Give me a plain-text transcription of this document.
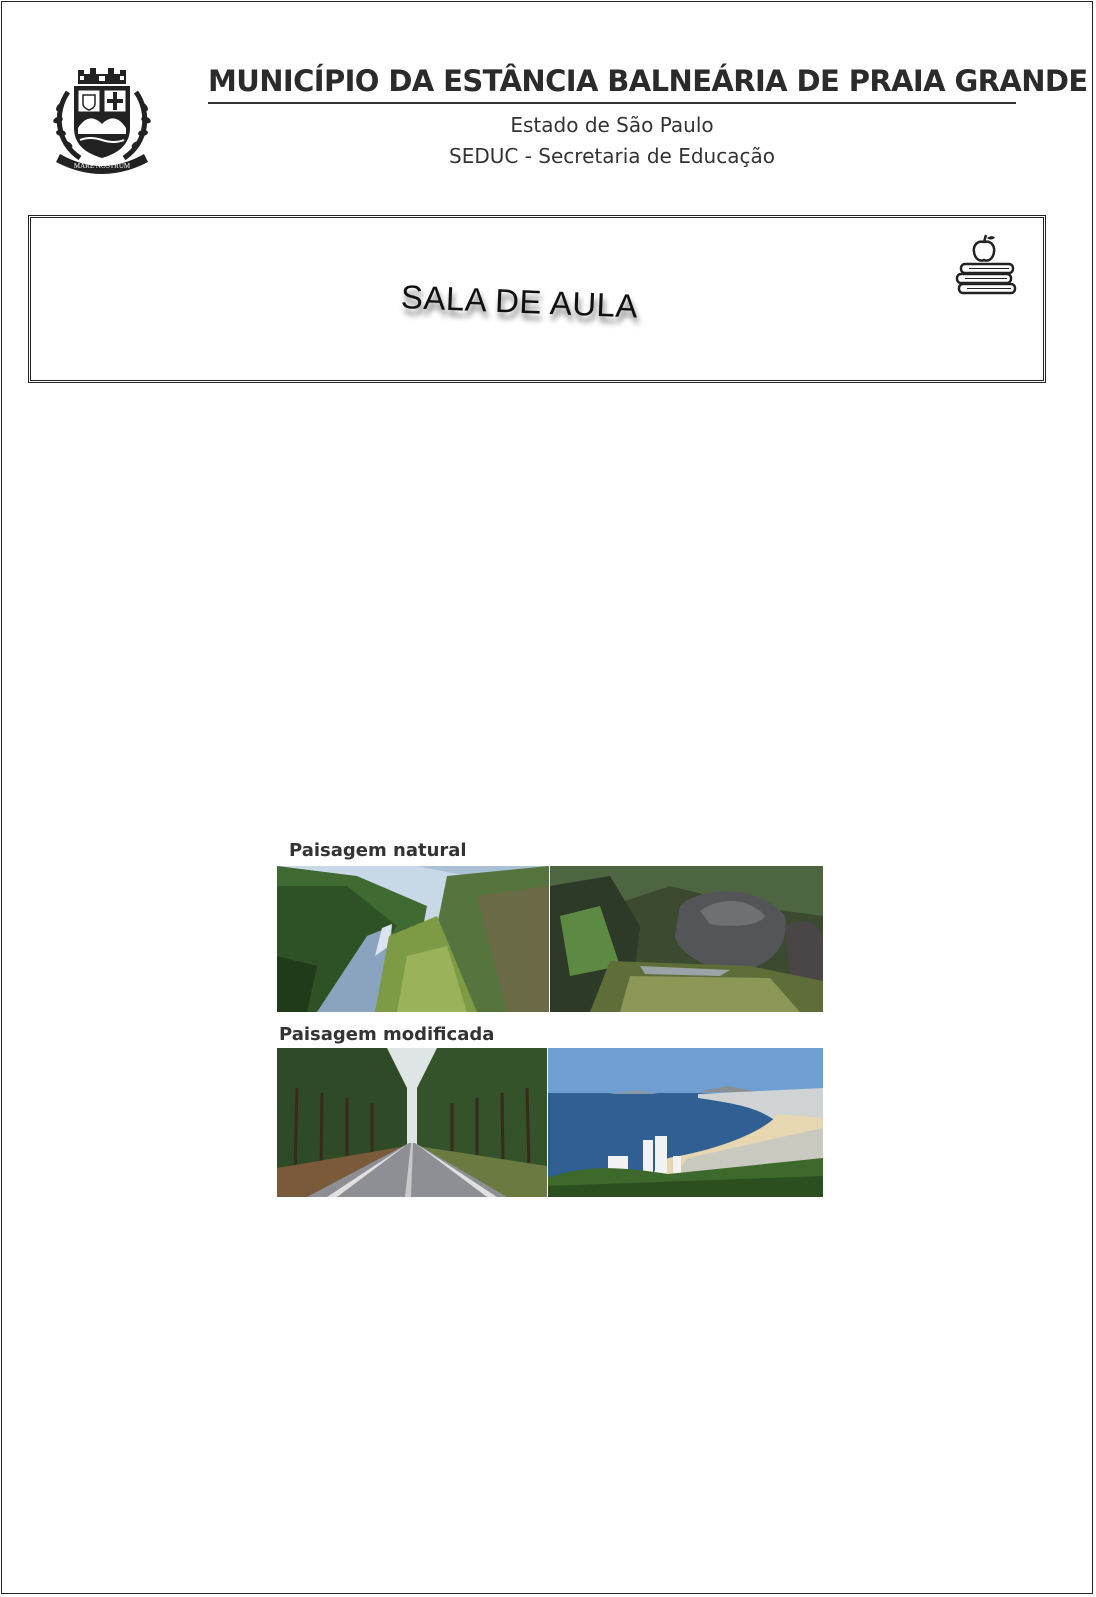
MARE NOSTRUM
MUNICÍPIO DA ESTÂNCIA BALNEÁRIA DE PRAIA GRANDE
Estado de São Paulo
SEDUC - Secretaria de Educação
SALA DE AULA
Paisagem natural
Paisagem modificada
